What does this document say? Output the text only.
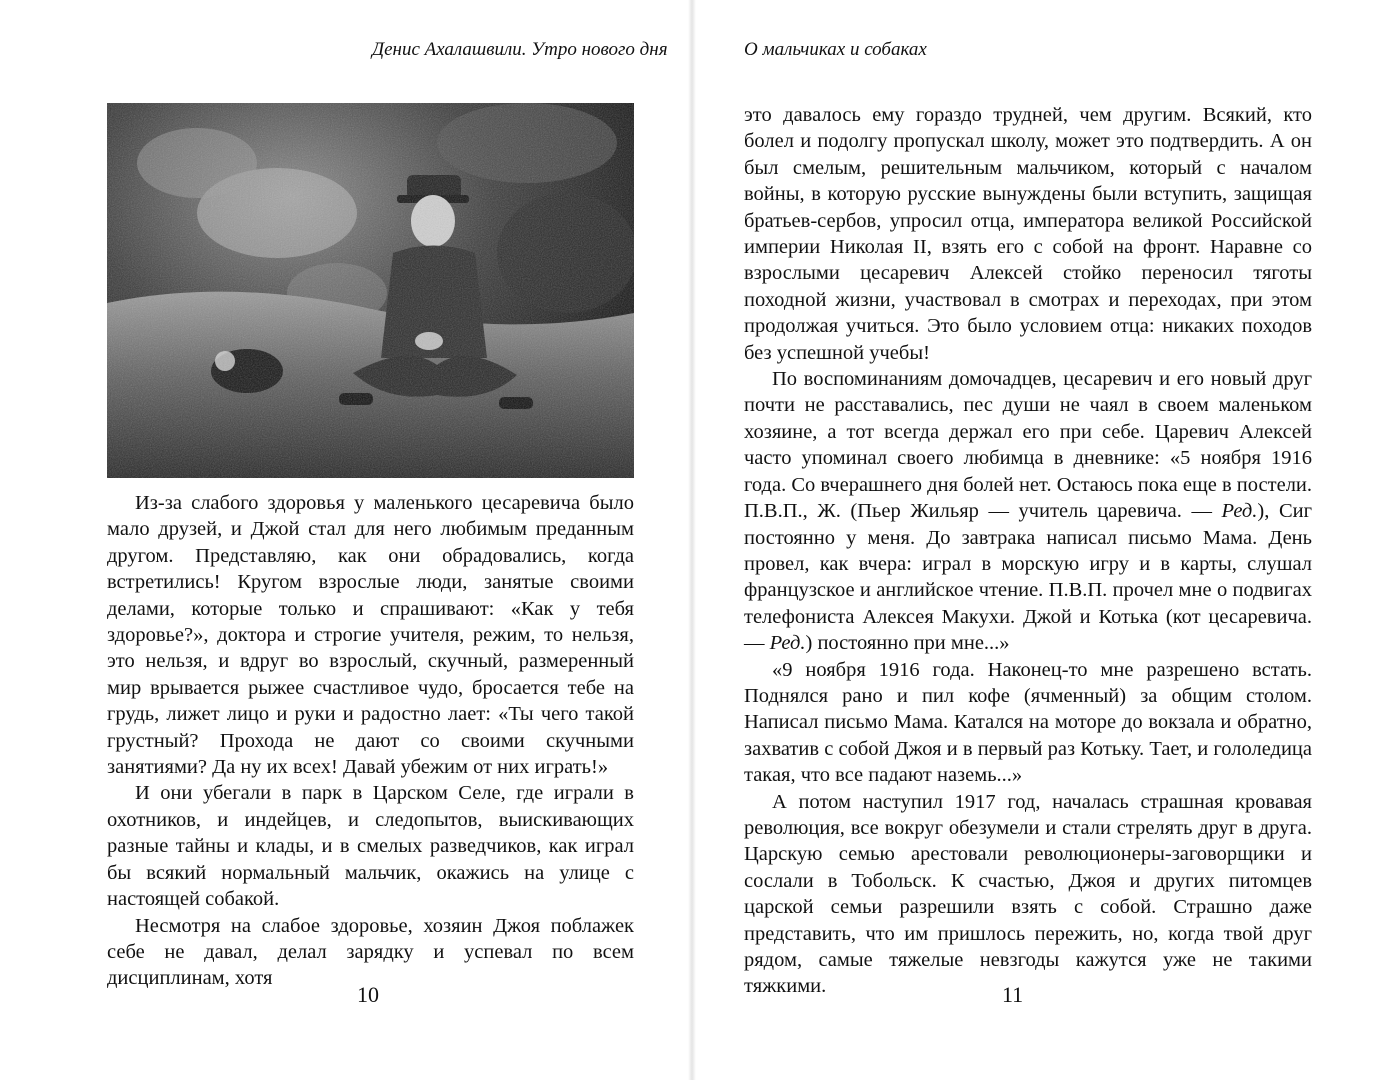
Денис Ахалашвили. Утро нового дня

Из-за слабого здоровья у маленького цесаревича было мало друзей, и Джой стал для него любимым преданным другом. Представляю, как они обрадовались, когда встретились! Кругом взрослые люди, занятые своими делами, которые только и спрашивают: «Как у тебя здоровье?», доктора и строгие учителя, режим, то нельзя, это нельзя, и вдруг во взрослый, скучный, размеренный мир врывается рыжее счастливое чудо, бросается тебе на грудь, лижет лицо и руки и радостно лает: «Ты чего такой грустный? Прохода не дают со своими скучными занятиями? Да ну их всех! Давай убежим от них играть!»

И они убегали в парк в Царском Селе, где играли в охотников, и индейцев, и следопытов, выискивающих разные тайны и клады, и в смелых разведчиков, как играл бы всякий нормальный мальчик, окажись на улице с настоящей собакой.

Несмотря на слабое здоровье, хозяин Джоя поблажек себе не давал, делал зарядку и успевал по всем дисциплинам, хотя

10
О мальчиках и собаках

это давалось ему гораздо трудней, чем другим. Всякий, кто болел и подолгу пропускал школу, может это подтвердить. А он был смелым, решительным мальчиком, который с началом войны, в которую русские вынуждены были вступить, защищая братьев-сербов, упросил отца, императора великой Российской империи Николая II, взять его с собой на фронт. Наравне со взрослыми цесаревич Алексей стойко переносил тяготы походной жизни, участвовал в смотрах и переходах, при этом продолжая учиться. Это было условием отца: никаких походов без успешной учебы!

По воспоминаниям домочадцев, цесаревич и его новый друг почти не расставались, пес души не чаял в своем маленьком хозяине, а тот всегда держал его при себе. Царевич Алексей часто упоминал своего любимца в дневнике: «5 ноября 1916 года. Со вчерашнего дня болей нет. Остаюсь пока еще в постели. П.В.П., Ж. (Пьер Жильяр — учитель царевича. — Ред.), Сиг постоянно у меня. До завтрака написал письмо Мама. День провел, как вчера: играл в морскую игру и в карты, слушал французское и английское чтение. П.В.П. прочел мне о подвигах телефониста Алексея Макухи. Джой и Котька (кот цесаревича. — Ред.) постоянно при мне...»

«9 ноября 1916 года. Наконец-то мне разрешено встать. Поднялся рано и пил кофе (ячменный) за общим столом. Написал письмо Мама. Катался на моторе до вокзала и обратно, захватив с собой Джоя и в первый раз Котьку. Тает, и гололедица такая, что все падают наземь...»

А потом наступил 1917 год, началась страшная кровавая революция, все вокруг обезумели и стали стрелять друг в друга. Царскую семью арестовали революционеры-заговорщики и сослали в Тобольск. К счастью, Джоя и других питомцев царской семьи разрешили взять с собой. Страшно даже представить, что им пришлось пережить, но, когда твой друг рядом, самые тяжелые невзгоды кажутся уже не такими тяжкими.	11
